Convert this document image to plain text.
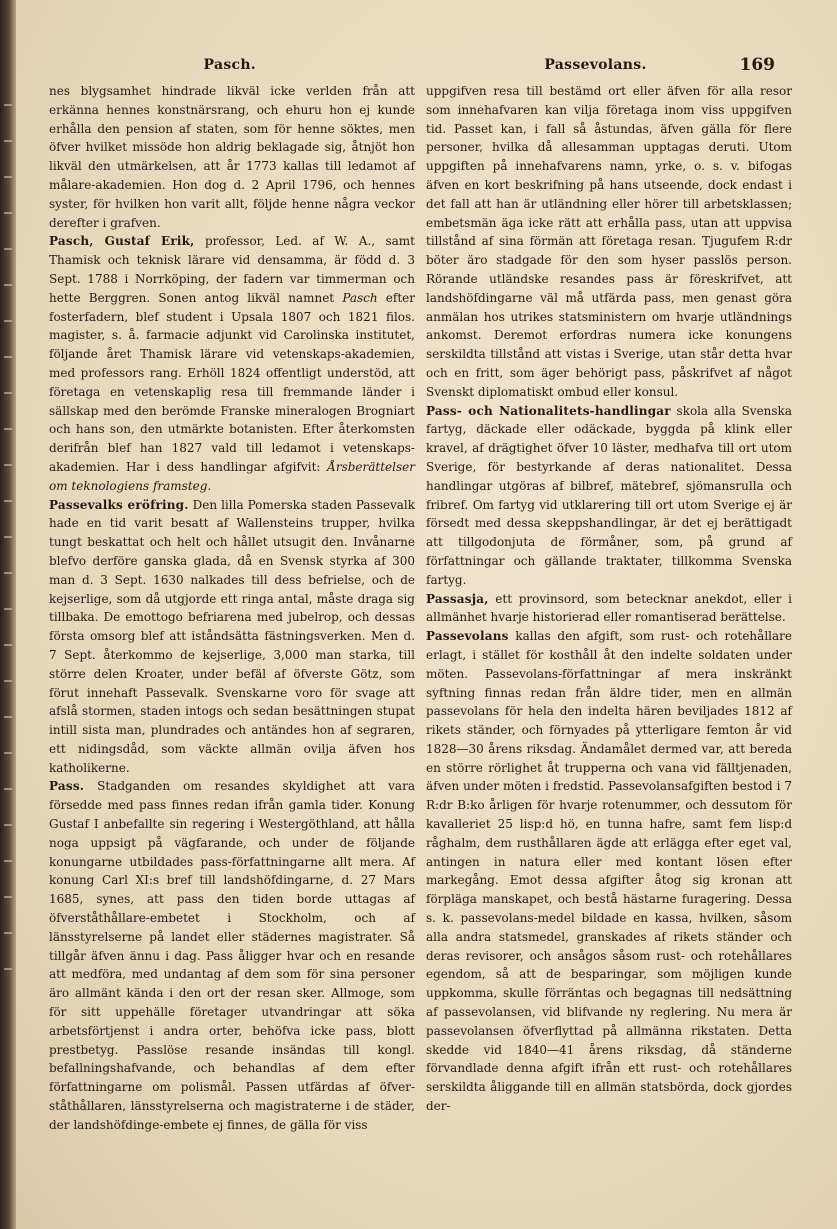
Pasch.	Passevolans.	169

nes blygsamhet hindrade likväl icke verlden från att erkänna hennes konstnärsrang, och ehuru hon ej kunde erhålla den pension af staten, som för henne söktes, men öfver hvilket missöde hon aldrig beklagade sig, åtnjöt hon likväl den utmärkelsen, att år 1773 kallas till ledamot af målare-akademien. Hon dog d. 2 April 1796, och hennes syster, för hvilken hon varit allt, följde henne några veckor derefter i grafven.

Pasch, Gustaf Erik, professor, Led. af W. A., samt Thamisk och teknisk lärare vid densamma, är född d. 3 Sept. 1788 i Norrköping, der fadern var timmerman och hette Berggren. Sonen antog likväl namnet Pasch efter fosterfadern, blef student i Upsala 1807 och 1821 filos. magister, s. å. farmacie adjunkt vid Carolinska institutet, följande året Thamisk lärare vid vetenskaps-akademien, med professors rang. Erhöll 1824 offentligt understöd, att företaga en vetenskaplig resa till fremmande länder i sällskap med den berömde Franske mineralogen Brogniart och hans son, den utmärkte botanisten. Efter återkomsten derifrån blef han 1827 vald till ledamot i vetenskaps-akademien. Har i dess handlingar afgifvit: Årsberättelser om teknologiens framsteg.

Passevalks eröfring. Den lilla Pomerska staden Passevalk hade en tid varit besatt af Wallensteins trupper, hvilka tungt beskattat och helt och hållet utsugit den. Invånarne blefvo derföre ganska glada, då en Svensk styrka af 300 man d. 3 Sept. 1630 nalkades till dess befrielse, och de kejserlige, som då utgjorde ett ringa antal, måste draga sig tillbaka. De emottogo befriarena med jubelrop, och dessas första omsorg blef att iståndsätta fästningsverken. Men d. 7 Sept. återkommo de kejserlige, 3,000 man starka, till större delen Kroater, under befäl af öfverste Götz, som förut innehaft Passevalk. Svenskarne voro för svage att afslå stormen, staden intogs och sedan besättningen stupat intill sista man, plundrades och antändes hon af segraren, ett nidingsdåd, som väckte allmän ovilja äfven hos katholikerne.

Pass. Stadganden om resandes skyldighet att vara försedde med pass finnes redan ifrån gamla tider. Konung Gustaf I anbefallte sin regering i Westergöthland, att hålla noga uppsigt på vägfarande, och under de följande konungarne utbildades pass-författningarne allt mera. Af konung Carl XI:s bref till landshöfdingarne, d. 27 Mars 1685, synes, att pass den tiden borde uttagas af öfverståthållare-embetet i Stockholm, och af länsstyrelserne på landet eller städernes magistrater. Så tillgår äfven ännu i dag. Pass åligger hvar och en resande att medföra, med undantag af dem som för sina personer äro allmänt kända i den ort der resan sker. Allmoge, som för sitt uppehälle företager utvandringar att söka arbetsförtjenst i andra orter, behöfva icke pass, blott prestbetyg. Passlöse resande insändas till kongl. befallningshafvande, och behandlas af dem efter författningarne om polismål. Passen utfärdas af öfver-ståthållaren, länsstyrelserna och magistraterne i de städer, der landshöfdinge-embete ej finnes, de gälla för viss

uppgifven resa till bestämd ort eller äfven för alla resor som innehafvaren kan vilja företaga inom viss uppgifven tid. Passet kan, i fall så åstundas, äfven gälla för flere personer, hvilka då allesamman upptagas deruti. Utom uppgiften på innehafvarens namn, yrke, o. s. v. bifogas äfven en kort beskrifning på hans utseende, dock endast i det fall att han är utländning eller hörer till arbetsklassen; embetsmän äga icke rätt att erhålla pass, utan att uppvisa tillstånd af sina förmän att företaga resan. Tjugufem R:dr böter äro stadgade för den som hyser passlös person. Rörande utländske resandes pass är föreskrifvet, att landshöfdingarne väl må utfärda pass, men genast göra anmälan hos utrikes statsministern om hvarje utländnings ankomst. Deremot erfordras numera icke konungens serskildta tillstånd att vistas i Sverige, utan står detta hvar och en fritt, som äger behörigt pass, påskrifvet af något Svenskt diplomatiskt ombud eller konsul.

Pass- och Nationalitets-handlingar skola alla Svenska fartyg, däckade eller odäckade, byggda på klink eller kravel, af drägtighet öfver 10 läster, medhafva till ort utom Sverige, för bestyrkande af deras nationalitet. Dessa handlingar utgöras af bilbref, mätebref, sjömansrulla och fribref. Om fartyg vid utklarering till ort utom Sverige ej är försedt med dessa skeppshandlingar, är det ej berättigadt att tillgodonjuta de förmåner, som, på grund af författningar och gällande traktater, tillkomma Svenska fartyg.

Passasja, ett provinsord, som betecknar anekdot, eller i allmänhet hvarje historierad eller romantiserad berättelse.

Passevolans kallas den afgift, som rust- och rotehållare erlagt, i stället för kosthåll åt den indelte soldaten under möten. Passevolans-författningar af mera inskränkt syftning finnas redan från äldre tider, men en allmän passevolans för hela den indelta hären beviljades 1812 af rikets ständer, och förnyades på ytterligare femton år vid 1828—30 årens riksdag. Ändamålet dermed var, att bereda en större rörlighet åt trupperna och vana vid fälltjenaden, äfven under möten i fredstid. Passevolansafgiften bestod i 7 R:dr B:ko årligen för hvarje rotenummer, och dessutom för kavalleriet 25 lisp:d hö, en tunna hafre, samt fem lisp:d råghalm, dem rusthållaren ägde att erlägga efter eget val, antingen in natura eller med kontant lösen efter markegång. Emot dessa afgifter åtog sig kronan att förpläga manskapet, och bestå hästarne furagering. Dessa s. k. passevolans-medel bildade en kassa, hvilken, såsom alla andra statsmedel, granskades af rikets ständer och deras revisorer, och ansågos såsom rust- och rotehållares egendom, så att de besparingar, som möjligen kunde uppkomma, skulle förräntas och begagnas till nedsättning af passevolansen, vid blifvande ny reglering. Nu mera är passevolansen öfverflyttad på allmänna rikstaten. Detta skedde vid 1840—41 årens riksdag, då ständerne förvandlade denna afgift ifrån ett rust- och rotehållares serskildta åliggande till en allmän statsbörda, dock gjordes der-
